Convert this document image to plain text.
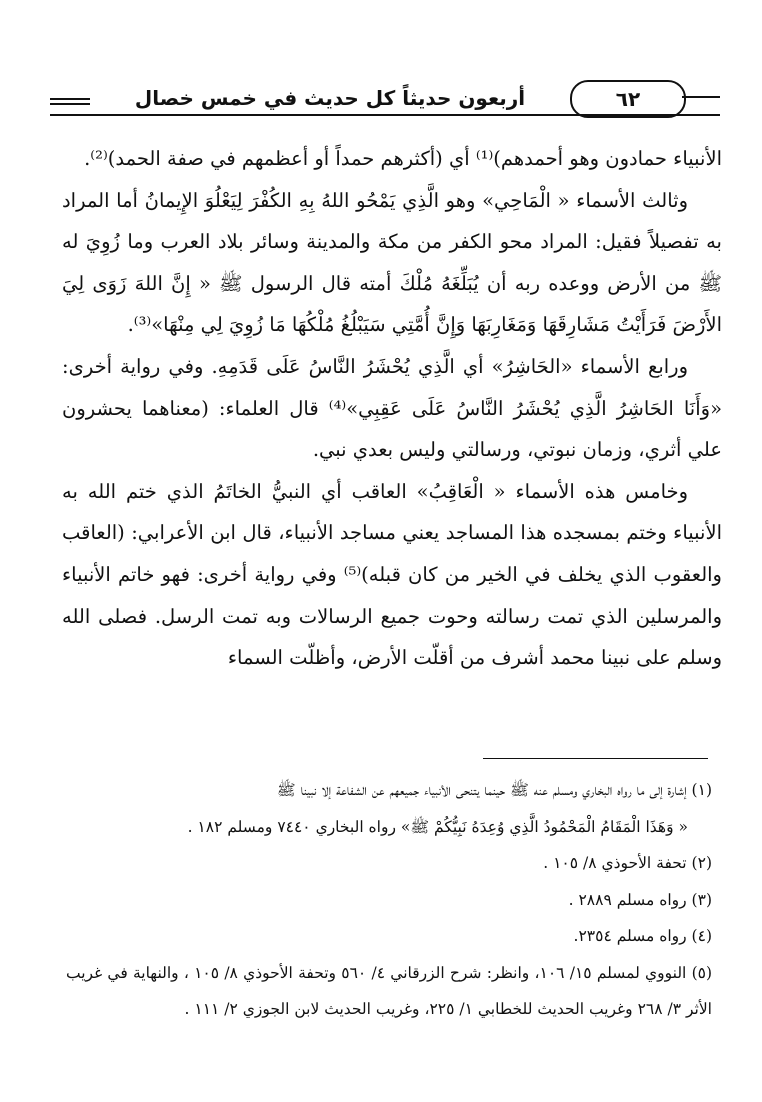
أربعون حديثاً كل حديث في خمس خصال	٦٢

الأنبياء حمادون وهو أحمدهم)⁽¹⁾ أي (أكثرهم حمداً أو أعظمهم في صفة الحمد)⁽²⁾.

وثالث الأسماء « الْمَاحِي» وهو الَّذِي يَمْحُو اللهُ بِهِ الكُفْرَ لِيَعْلُوَ الإِيمانُ أما المراد به تفصيلاً فقيل: المراد محو الكفر من مكة والمدينة وسائر بلاد العرب وما زُوِيَ له ﷺ من الأرض ووعده ربه أن يُبَلِّغَهُ مُلْكَ أمته قال الرسول ﷺ « إِنَّ اللهَ زَوَى لِيَ الأَرْضَ فَرَأَيْتُ مَشَارِقَهَا وَمَغَارِبَهَا وَإِنَّ أُمَّتِي سَيَبْلُغُ مُلْكُهَا مَا زُوِيَ لِي مِنْهَا»⁽³⁾.

ورابع الأسماء «الحَاشِرُ» أي الَّذِي يُحْشَرُ النَّاسُ عَلَى قَدَمِهِ. وفي رواية أخرى: «وَأَنَا الحَاشِرُ الَّذِي يُحْشَرُ النَّاسُ عَلَى عَقِبِي»⁽⁴⁾ قال العلماء: (معناهما يحشرون علي أثري، وزمان نبوتي، ورسالتي وليس بعدي نبي.

وخامس هذه الأسماء « الْعَاقِبُ» العاقب أي النبيُّ الخاتَمُ الذي ختم الله به الأنبياء وختم بمسجده هذا المساجد يعني مساجد الأنبياء، قال ابن الأعرابي: (العاقب والعقوب الذي يخلف في الخير من كان قبله)⁽⁵⁾ وفي رواية أخرى: فهو خاتم الأنبياء والمرسلين الذي تمت رسالته وحوت جميع الرسالات وبه تمت الرسل. فصلى الله وسلم على نبينا محمد أشرف من أقلّت الأرض، وأظلّت السماء

(١) إشارة إلى ما رواه البخاري ومسلم عنه ﷺ حينما يتنحى الأنبياء جميعهم عن الشفاعة إلا نبينا ﷺ

« وَهَذَا الْمَقَامُ الْمَحْمُودُ الَّذِي وُعِدَهُ نَبِيُّكُمْ ﷺ» رواه البخاري ٧٤٤٠ ومسلم ١٨٢ .

(٢) تحفة الأحوذي ٨/ ١٠٥ .

(٣) رواه مسلم ٢٨٨٩ .

(٤) رواه مسلم ٢٣٥٤.

(٥) النووي لمسلم ١٥/ ١٠٦، وانظر: شرح الزرقاني ٤/ ٥٦٠ وتحفة الأحوذي ٨/ ١٠٥ ، والنهاية في غريب الأثر ٣/ ٢٦٨ وغريب الحديث للخطابي ١/ ٢٢٥، وغريب الحديث لابن الجوزي ٢/ ١١١ .
